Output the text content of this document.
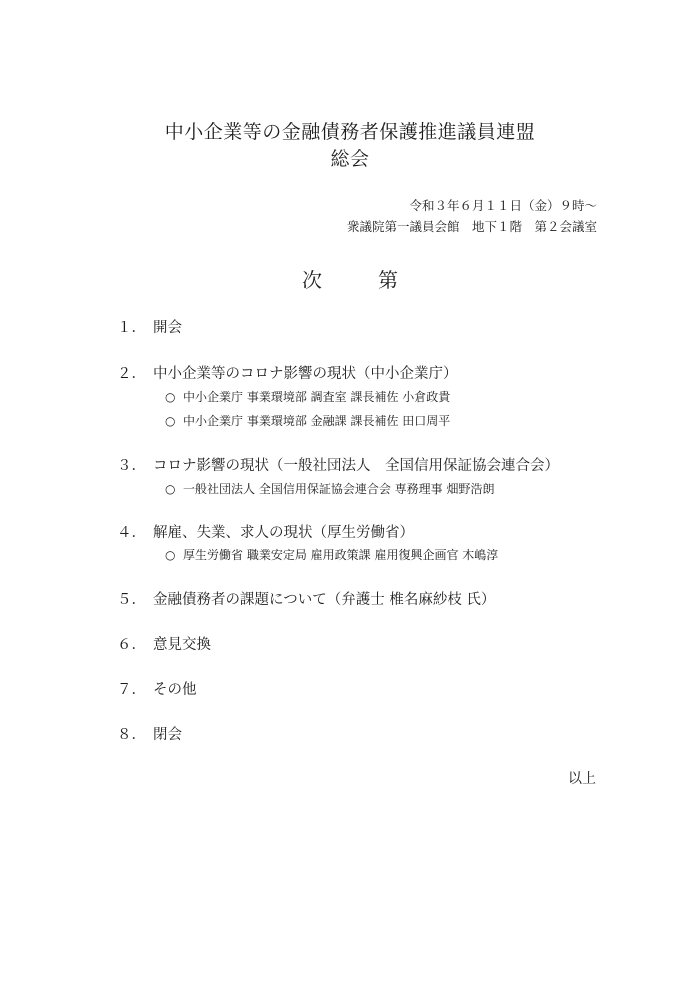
中小企業等の金融債務者保護推進議員連盟
総会
令和３年６月１１日（金）９時～
衆議院第一議員会館　地下１階　第２会議室
次　第
１． 開会
２． 中小企業等のコロナ影響の現状（中小企業庁）
○ 中小企業庁 事業環境部 調査室 課長補佐 小倉政貴
○ 中小企業庁 事業環境部 金融課 課長補佐 田口周平
３． コロナ影響の現状（一般社団法人　全国信用保証協会連合会）
○ 一般社団法人 全国信用保証協会連合会 専務理事 畑野浩朗
４． 解雇、失業、求人の現状（厚生労働省）
○ 厚生労働省 職業安定局 雇用政策課 雇用復興企画官 木嶋淳
５． 金融債務者の課題について（弁護士 椎名麻紗枝 氏）
６． 意見交換
７． その他
８． 閉会
以上
